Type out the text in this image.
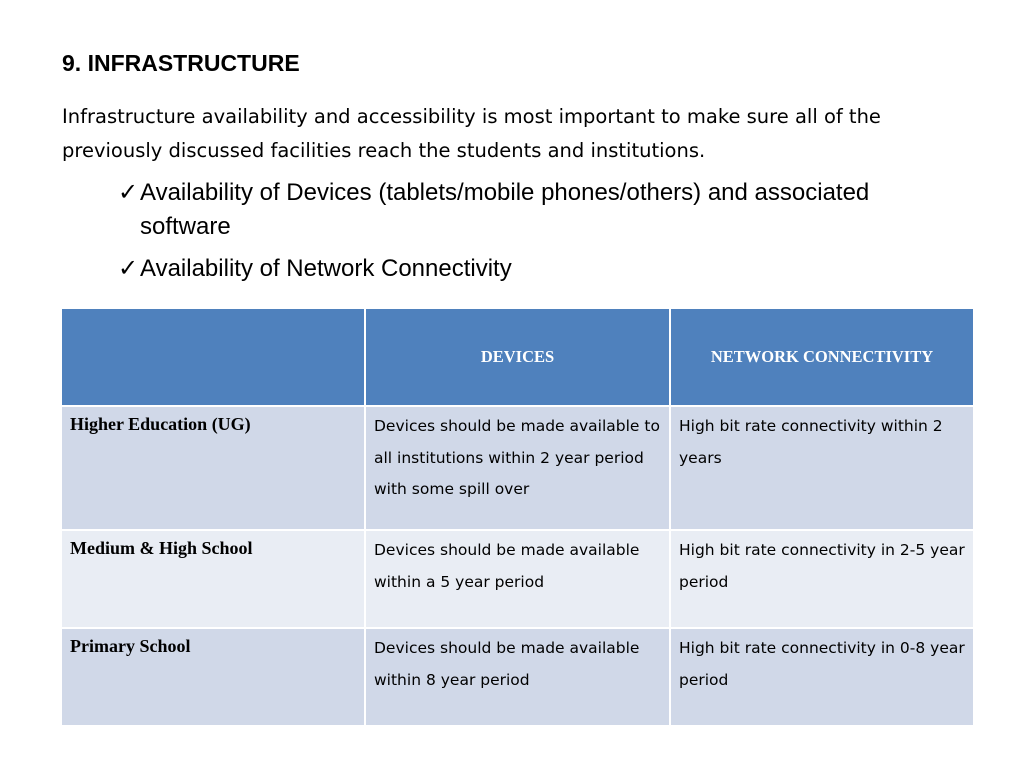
9. INFRASTRUCTURE
Infrastructure availability and accessibility is most important to make sure all of the previously discussed facilities reach the students and institutions.
✓ Availability of Devices (tablets/mobile phones/others) and associated software
✓ Availability of Network Connectivity
	DEVICES	NETWORK CONNECTIVITY
Higher Education (UG)	Devices should be made available to all institutions within 2 year period with some spill over	High bit rate connectivity within 2 years
Medium & High School	Devices should be made available within a 5 year period	High bit rate connectivity in 2-5 year period
Primary School	Devices should be made available within 8 year period	High bit rate connectivity in 0-8 year period
